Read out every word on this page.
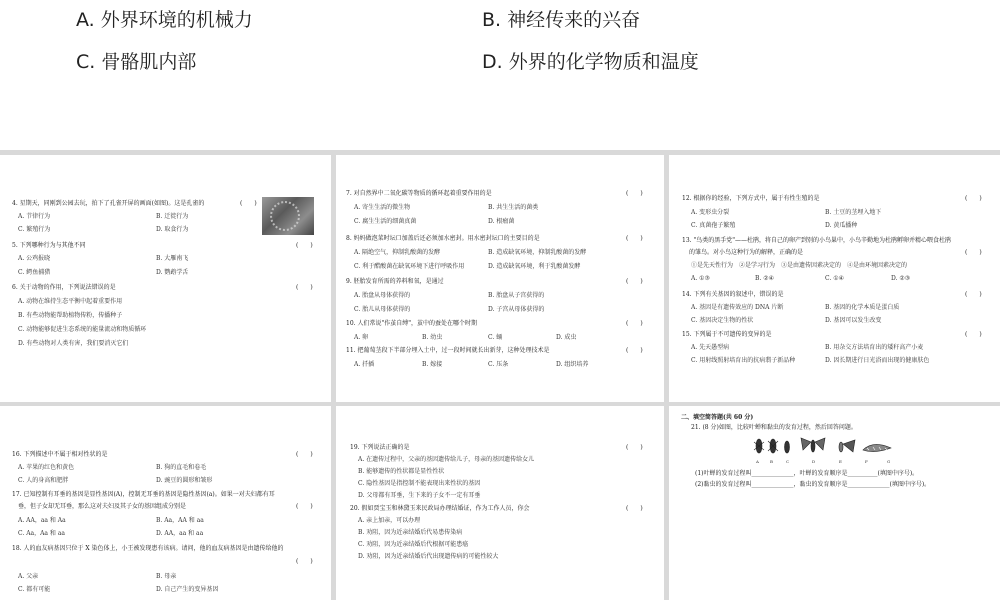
A. 外界环境的机械力	B. 神经传来的兴奋
C. 骨骼肌内部	D. 外界的化学物质和温度
4. 星期天，同刚到公园去玩，拍下了孔雀开屏的画面(如图)。这是孔雀的	(　　)
A. 节律行为	B. 迁徙行为
C. 繁殖行为	D. 取食行为
5. 下列哪种行为与其他不同	(　　)
A. 公鸡报晓	B. 大雁南飞
C. 鳄鱼捕猎	D. 鹦鹉学舌
6. 关于动物的作用，下列说法错误的是	(　　)
A. 动物在维持生态平衡中起着重要作用
B. 有些动物能帮助植物传粉，传播种子
C. 动物能够促进生态系统的能量流动和物质循环
D. 有些动物对人类有害，我们要消灭它们
7. 对自然界中二氧化碳等物质的循环起着重要作用的是	(　　)
A. 寄生生活的微生物	B. 共生生活的菌类
C. 腐生生活的细菌真菌	D. 根瘤菌
8. 妈妈做泡菜时坛口加盖后还必须加水密封。用水密封坛口的主要目的是	(　　)
A. 隔绝空气，抑制乳酸菌的发酵	B. 造成缺氧环境，抑制乳酸菌的发酵
C. 利于醋酸菌在缺氧环境下进行呼吸作用	D. 造成缺氧环境，利于乳酸菌发酵
9. 胚胎发育所需的养料和氧，是通过	(　　)
A. 胎盘从母体获得的	B. 胎盘从子宫获得的
C. 胎儿从母体获得的	D. 子宫从母体获得的
10. 人们常说"作茧自缚"，茧中的蚕处在哪个时期	(　　)
A. 卵	B. 幼虫	C. 蛹	D. 成虫
11. 把葡萄茎段下半部分埋入土中，过一段时间就长出新芽，这种处理技术是	(　　)
A. 扦插	B. 嫁接	C. 压条	D. 组织培养
12. 根据你的经验，下列方式中，属于有性生殖的是	(　　)
A. 变形虫分裂	B. 土豆的茎埋入地下
C. 真菌孢子繁殖	D. 黄瓜播种
13. "鸟类的黑手党"——杜鹃，将自己的卵产到别的小鸟巢中，小鸟辛勤地为杜鹃孵卵并精心喂食杜鹃
的雏鸟。对小鸟这种行为的解释，正确的是	(　　)
①是先天性行为　②是学习行为　③是由遗传因素决定的　④是由环境因素决定的
A. ①③	B. ②④	C. ①④	D. ②③
14. 下列有关基因的叙述中，错误的是	(　　)
A. 基因是有遗传效应的 DNA 片断	B. 基因的化学本质是蛋白质
C. 基因决定生物的性状	D. 基因可以发生改变
15. 下列属于不可遗传的变异的是	(　　)
A. 先天愚型病	B. 用杂交方法培育出的矮秆高产小麦
C. 用射线照射培育出的抗病翡子新品种	D. 因长期进行日光浴而出现的健康肤色
16. 下列描述中不属于相对性状的是	(　　)
A. 苹果的红色和黄色	B. 狗的直毛和卷毛
C. 人的身高和肥胖	D. 豌豆的圆形和皱形
17. 已知控制有耳垂的基因是显性基因(A)，控制无耳垂的基因是隐性基因(a)。如果一对夫妇都有耳
垂，但子女却无耳垂，那么这对夫妇及其子女的基因组成分别是	(　　)
A. AA，aa 和 Aa	B. Aa，AA 和 aa
C. Aa，Aa 和 aa	D. AA，aa 和 aa
18. 人的血友病基因只位于 X 染色体上，小王被发现患有该病。请问，他的血友病基因是由遗传给他的
(　　)
A. 父亲	B. 母亲
C. 都有可能	D. 自己产生的变异基因
19. 下列说法正确的是	(　　)
A. 在遗传过程中，父亲的基因遗传给儿子，母亲的基因遗传给女儿
B. 能够遗传的性状都是显性性状
C. 隐性基因是指控制不能表现出来性状的基因
D. 父母都有耳垂，生下来的子女不一定有耳垂
20. 假如贾宝玉和林黛玉来民政局办理结婚证，作为工作人员，你会	(　　)
A. 亲上加亲，可以办理
B. 劝阻，因为近亲结婚后代易患传染病
C. 劝阻，因为近亲结婚后代根据可能患癌
D. 劝阻，因为近亲结婚后代出现遗传病的可能性较大
二、填空简答题(共 60 分)
21. (8 分)如图，比较叶蝉和黏虫的发育过程，然后回答问题。
A	B	C	D	E	F	G
(1)叶蝉的发育过程叫______________，叶蝉的发育顺序是__________(填图中序号)。
(2)黏虫的发育过程叫______________，黏虫的发育顺序是______________(填图中序号)。
